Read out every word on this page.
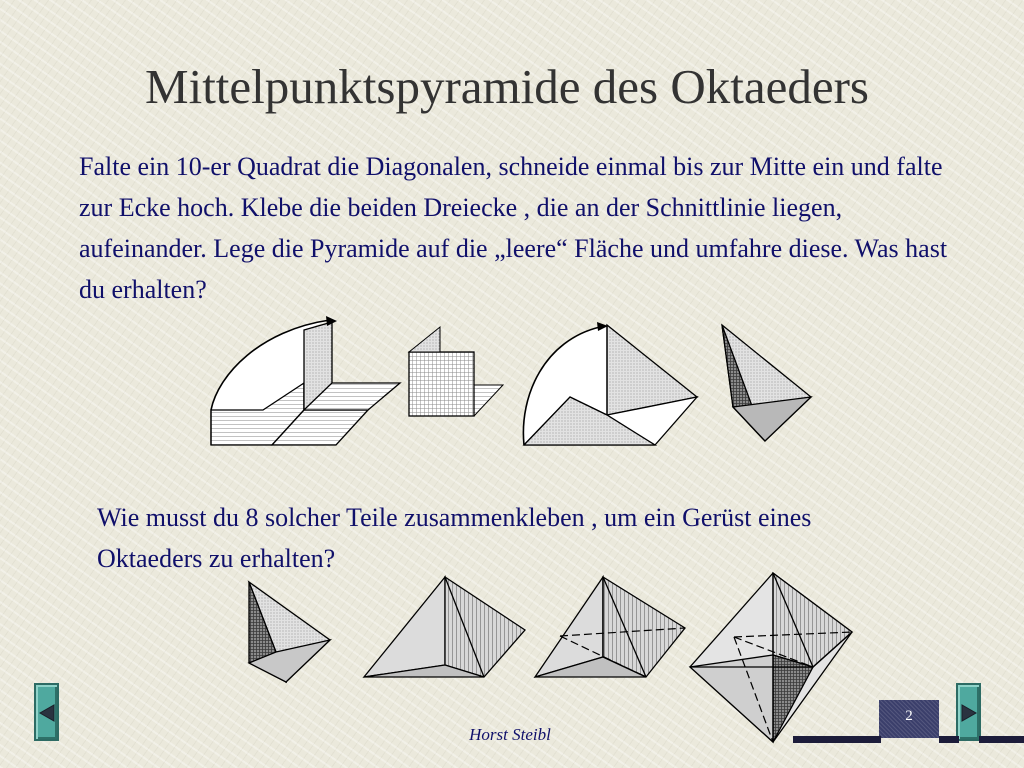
Mittelpunktspyramide des Oktaeders
Falte ein 10-er Quadrat die Diagonalen, schneide einmal bis zur Mitte ein und falte zur Ecke hoch. Klebe die beiden Dreiecke , die an der Schnittlinie liegen, aufeinander. Lege die Pyramide auf die „leere“ Fläche und umfahre diese. Was hast du erhalten?
Wie musst du 8 solcher Teile zusammenkleben , um ein Gerüst eines Oktaeders zu erhalten?
2
Horst Steibl
